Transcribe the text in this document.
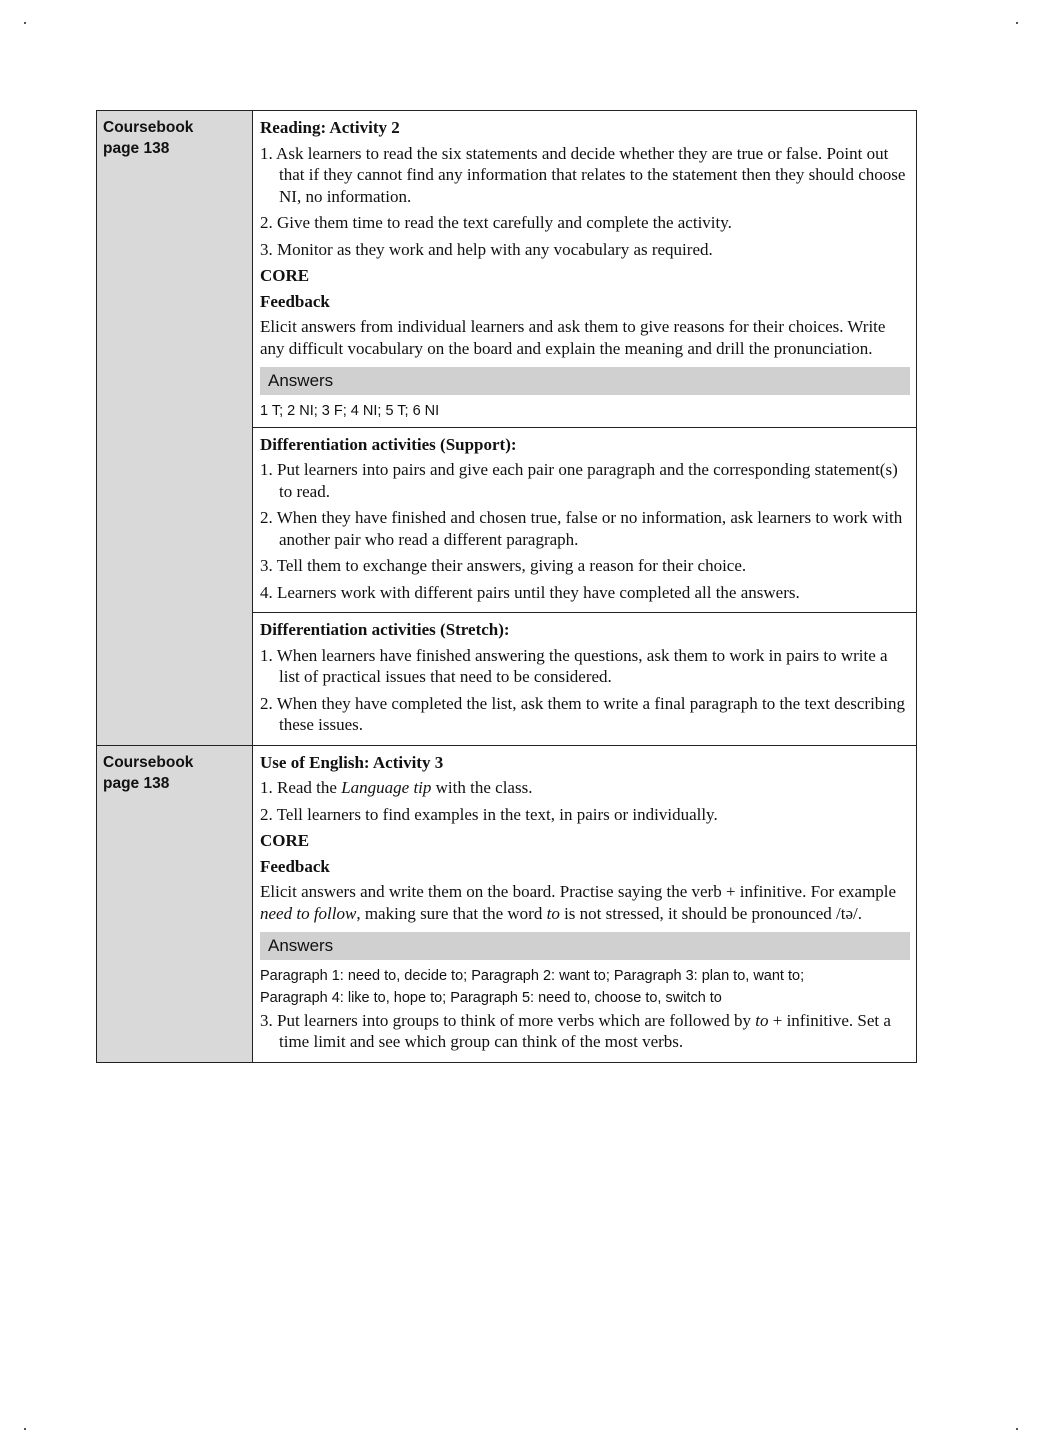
Coursebook
page 138
Reading: Activity 2
1. Ask learners to read the six statements and decide whether they are true or false. Point out that if they cannot find any information that relates to the statement then they should choose NI, no information.
2. Give them time to read the text carefully and complete the activity.
3. Monitor as they work and help with any vocabulary as required.
CORE
Feedback
Elicit answers from individual learners and ask them to give reasons for their choices. Write any difficult vocabulary on the board and explain the meaning and drill the pronunciation.
Answers
1 T; 2 NI; 3 F; 4 NI; 5 T; 6 NI
Differentiation activities (Support):
1. Put learners into pairs and give each pair one paragraph and the corresponding statement(s) to read.
2. When they have finished and chosen true, false or no information, ask learners to work with another pair who read a different paragraph.
3. Tell them to exchange their answers, giving a reason for their choice.
4. Learners work with different pairs until they have completed all the answers.
Differentiation activities (Stretch):
1. When learners have finished answering the questions, ask them to work in pairs to write a list of practical issues that need to be considered.
2. When they have completed the list, ask them to write a final paragraph to the text describing these issues.
Coursebook
page 138
Use of English: Activity 3
1. Read the Language tip with the class.
2. Tell learners to find examples in the text, in pairs or individually.
CORE
Feedback
Elicit answers and write them on the board. Practise saying the verb + infinitive. For example need to follow, making sure that the word to is not stressed, it should be pronounced /tə/.
Answers
Paragraph 1: need to, decide to; Paragraph 2: want to; Paragraph 3: plan to, want to;
Paragraph 4: like to, hope to; Paragraph 5: need to, choose to, switch to
3. Put learners into groups to think of more verbs which are followed by to + infinitive. Set a time limit and see which group can think of the most verbs.
